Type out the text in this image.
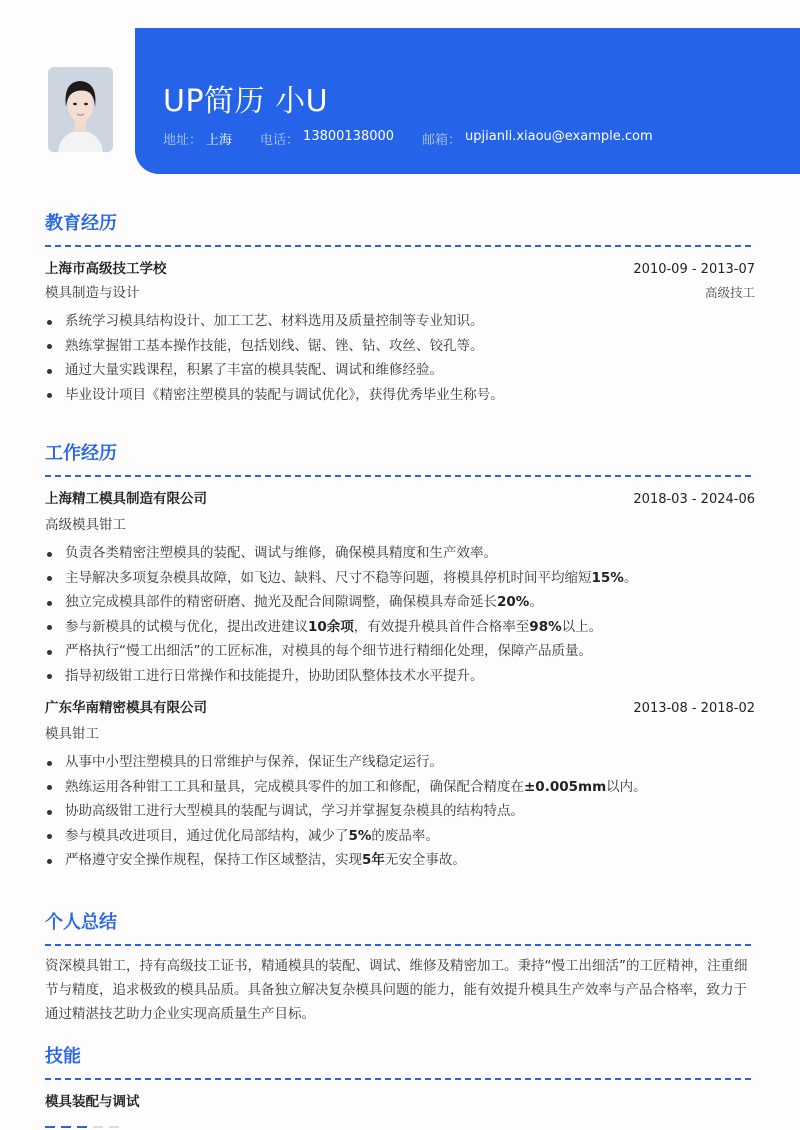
UP简历 小U
地址： 上海 电话： 13800138000 邮箱： upjianli.xiaou@example.com
教育经历
上海市高级技工学校	2010-09 - 2013-07
模具制造与设计	高级技工
系统学习模具结构设计、加工工艺、材料选用及质量控制等专业知识。
熟练掌握钳工基本操作技能，包括划线、锯、锉、钻、攻丝、铰孔等。
通过大量实践课程，积累了丰富的模具装配、调试和维修经验。
毕业设计项目《精密注塑模具的装配与调试优化》，获得优秀毕业生称号。
工作经历
上海精工模具制造有限公司	2018-03 - 2024-06
高级模具钳工
负责各类精密注塑模具的装配、调试与维修，确保模具精度和生产效率。
主导解决多项复杂模具故障，如飞边、缺料、尺寸不稳等问题，将模具停机时间平均缩短15%。
独立完成模具部件的精密研磨、抛光及配合间隙调整，确保模具寿命延长20%。
参与新模具的试模与优化，提出改进建议10余项，有效提升模具首件合格率至98%以上。
严格执行“慢工出细活”的工匠标准，对模具的每个细节进行精细化处理，保障产品质量。
指导初级钳工进行日常操作和技能提升，协助团队整体技术水平提升。
广东华南精密模具有限公司	2013-08 - 2018-02
模具钳工
从事中小型注塑模具的日常维护与保养，保证生产线稳定运行。
熟练运用各种钳工工具和量具，完成模具零件的加工和修配，确保配合精度在±0.005mm以内。
协助高级钳工进行大型模具的装配与调试，学习并掌握复杂模具的结构特点。
参与模具改进项目，通过优化局部结构，减少了5%的废品率。
严格遵守安全操作规程，保持工作区域整洁，实现5年无安全事故。
个人总结
资深模具钳工，持有高级技工证书，精通模具的装配、调试、维修及精密加工。秉持“慢工出细活”的工匠精神，注重细节与精度，追求极致的模具品质。具备独立解决复杂模具问题的能力，能有效提升模具生产效率与产品合格率，致力于通过精湛技艺助力企业实现高质量生产目标。
技能
模具装配与调试
